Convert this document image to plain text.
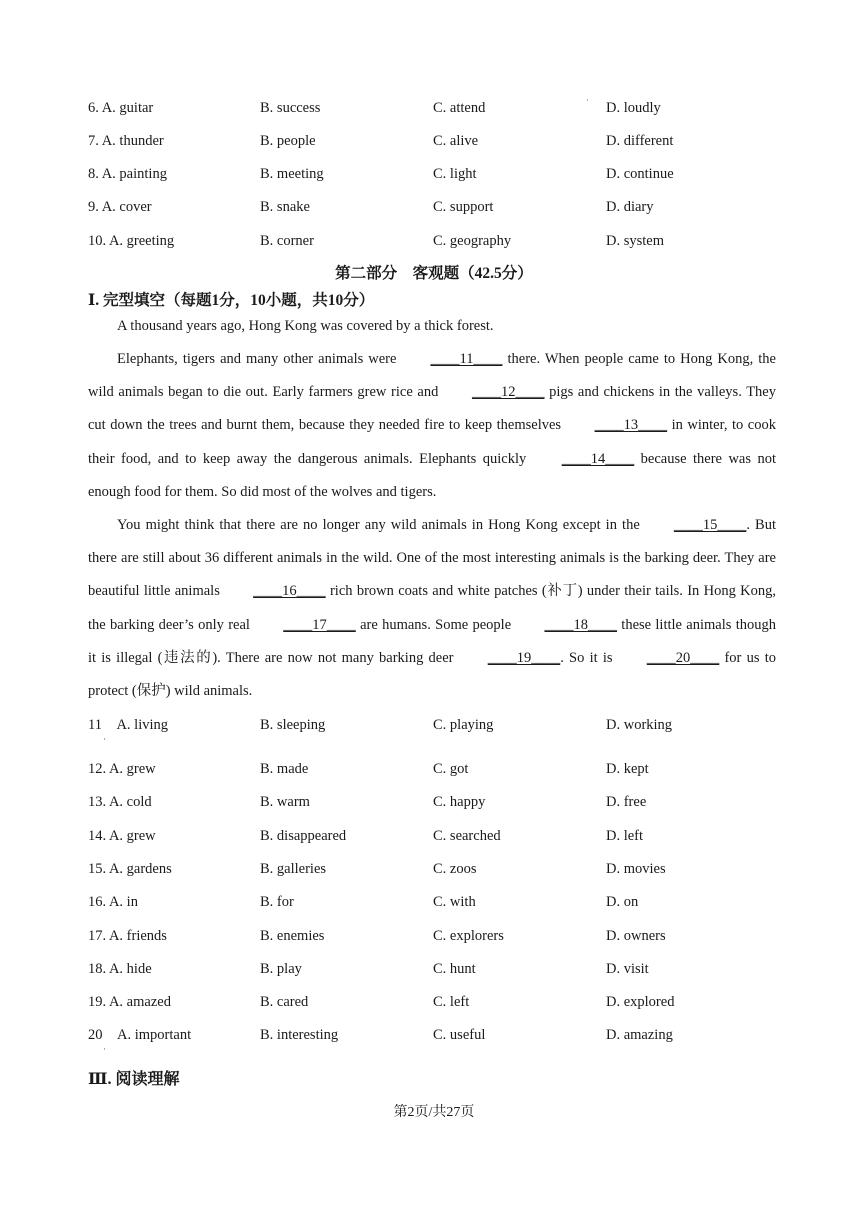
6. A. guitar	B. success	C. attend	D. loudly
7. A. thunder	B. people	C. alive	D. different
8. A. painting	B. meeting	C. light	D. continue
9. A. cover	B. snake	C. support	D. diary
10. A. greeting	B. corner	C. geography	D. system
第二部分　客观题（42.5分）
Ⅰ. 完型填空（每题1分，10小题，共10分）
A thousand years ago, Hong Kong was covered by a thick forest.
Elephants, tigers and many other animals were ____11____ there. When people came to Hong Kong, the wild animals began to die out. Early farmers grew rice and ____12____ pigs and chickens in the valleys. They cut down the trees and burnt them, because they needed fire to keep themselves ____13____ in winter, to cook their food, and to keep away the dangerous animals. Elephants quickly ____14____ because there was not enough food for them. So did most of the wolves and tigers.
You might think that there are no longer any wild animals in Hong Kong except in the ____15____. But there are still about 36 different animals in the wild. One of the most interesting animals is the barking deer. They are beautiful little animals ____16____ rich brown coats and white patches (补丁) under their tails. In Hong Kong, the barking deer’s only real ____17____ are humans. Some people ____18____ these little animals though it is illegal (违法的). There are now not many barking deer ____19____. So it is ____20____ for us to protect (保护) wild animals.
11　A. living	B. sleeping	C. playing	D. working
12. A. grew	B. made	C. got	D. kept
13. A. cold	B. warm	C. happy	D. free
14. A. grew	B. disappeared	C. searched	D. left
15. A. gardens	B. galleries	C. zoos	D. movies
16. A. in	B. for	C. with	D. on
17. A. friends	B. enemies	C. explorers	D. owners
18. A. hide	B. play	C. hunt	D. visit
19. A. amazed	B. cared	C. left	D. explored
20　A. important	B. interesting	C. useful	D. amazing
·
·
·
Ⅲ. 阅读理解
第2页/共27页
